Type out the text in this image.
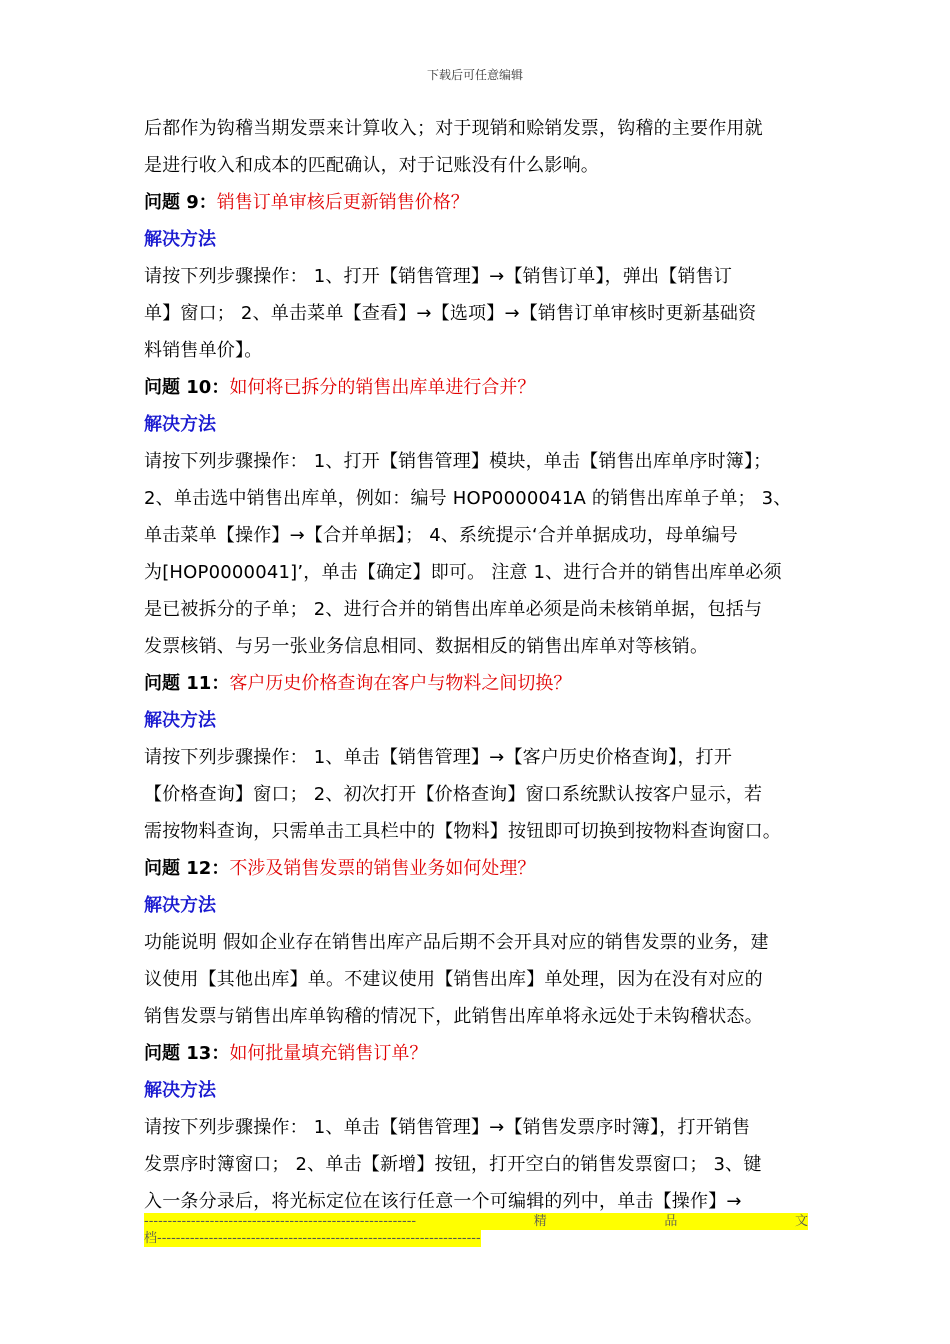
下载后可任意编辑

后都作为钩稽当期发票来计算收入；对于现销和赊销发票，钩稽的主要作用就

是进行收入和成本的匹配确认，对于记账没有什么影响。

问题 9：销售订单审核后更新销售价格？

解决方法

请按下列步骤操作： 1、打开【销售管理】→【销售订单】，弹出【销售订

单】窗口； 2、单击菜单【查看】→【选项】→【销售订单审核时更新基础资

料销售单价】。

问题 10：如何将已拆分的销售出库单进行合并？

解决方法

请按下列步骤操作： 1、打开【销售管理】模块，单击【销售出库单序时簿】；

2、单击选中销售出库单，例如：编号 HOP0000041A 的销售出库单子单； 3、

单击菜单【操作】→【合并单据】； 4、系统提示‘合并单据成功，母单编号

为[HOP0000041]’，单击【确定】即可。 注意 1、进行合并的销售出库单必须

是已被拆分的子单； 2、进行合并的销售出库单必须是尚未核销单据，包括与

发票核销、与另一张业务信息相同、数据相反的销售出库单对等核销。

问题 11：客户历史价格查询在客户与物料之间切换？

解决方法

请按下列步骤操作： 1、单击【销售管理】→【客户历史价格查询】，打开

【价格查询】窗口； 2、初次打开【价格查询】窗口系统默认按客户显示，若

需按物料查询，只需单击工具栏中的【物料】按钮即可切换到按物料查询窗口。

问题 12：不涉及销售发票的销售业务如何处理？

解决方法

功能说明 假如企业存在销售出库产品后期不会开具对应的销售发票的业务，建

议使用【其他出库】单。不建议使用【销售出库】单处理，因为在没有对应的

销售发票与销售出库单钩稽的情况下，此销售出库单将永远处于未钩稽状态。

问题 13：如何批量填充销售订单？

解决方法

请按下列步骤操作： 1、单击【销售管理】→【销售发票序时簿】，打开销售

发票序时簿窗口； 2、单击【新增】按钮，打开空白的销售发票窗口； 3、键

入一条分录后，将光标定位在该行任意一个可编辑的列中，单击【操作】→

----------------------------------------------------------	精	品	文
档---------------------------------------------------------------------
